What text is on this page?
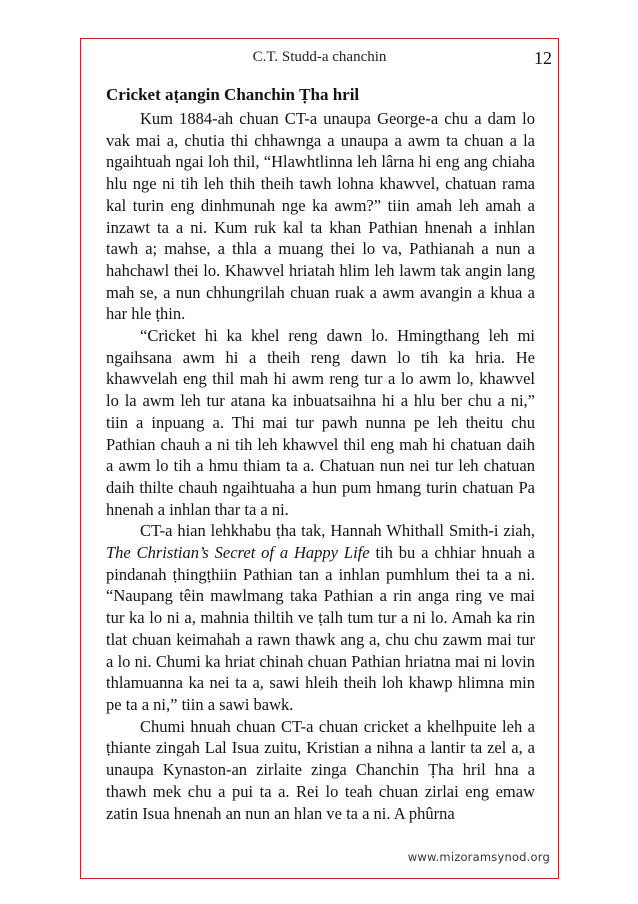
C.T. Studd-a chanchin	12
Cricket aṭangin Chanchin Ṭha hril

Kum 1884-ah chuan CT-a unaupa George-a chu a dam lo vak mai a, chutia thi chhawnga a unaupa a awm ta chuan a la ngaihtuah ngai loh thil, “Hlawhtlinna leh lârna hi eng ang chiaha hlu nge ni tih leh thih theih tawh lohna khawvel, chatuan rama kal turin eng dinhmunah nge ka awm?” tiin amah leh amah a inzawt ta a ni. Kum ruk kal ta khan Pathian hnenah a inhlan tawh a; mahse, a thla a muang thei lo va, Pathianah a nun a hahchawl thei lo. Khawvel hriatah hlim leh lawm tak angin lang mah se, a nun chhungrilah chuan ruak a awm avangin a khua a har hle ṭhin.

“Cricket hi ka khel reng dawn lo. Hmingthang leh mi ngaihsana awm hi a theih reng dawn lo tih ka hria. He khawvelah eng thil mah hi awm reng tur a lo awm lo, khawvel lo la awm leh tur atana ka inbuatsaihna hi a hlu ber chu a ni,” tiin a inpuang a. Thi mai tur pawh nunna pe leh theitu chu Pathian chauh a ni tih leh khawvel thil eng mah hi chatuan daih a awm lo tih a hmu thiam ta a. Chatuan nun nei tur leh chatuan daih thilte chauh ngaihtuaha a hun pum hmang turin chatuan Pa hnenah a inhlan thar ta a ni.

CT-a hian lehkhabu ṭha tak, Hannah Whithall Smith-i ziah, The Christian’s Secret of a Happy Life tih bu a chhiar hnuah a pindanah ṭhingṭhiin Pathian tan a inhlan pumhlum thei ta a ni. “Naupang têin mawlmang taka Pathian a rin anga ring ve mai tur ka lo ni a, mahnia thiltih ve ṭalh tum tur a ni lo. Amah ka rin tlat chuan keimahah a rawn thawk ang a, chu chu zawm mai tur a lo ni. Chumi ka hriat chinah chuan Pathian hriatna mai ni lovin thlamuanna ka nei ta a, sawi hleih theih loh khawp hlimna min pe ta a ni,” tiin a sawi bawk.

Chumi hnuah chuan CT-a chuan cricket a khelhpuite leh a ṭhiante zingah Lal Isua zuitu, Kristian a nihna a lantir ta zel a, a unaupa Kynaston-an zirlaite zinga Chanchin Ṭha hril hna a thawh mek chu a pui ta a. Rei lo teah chuan zirlai eng emaw zatin Isua hnenah an nun an hlan ve ta a ni. A phûrna

www.mizoramsynod.org
